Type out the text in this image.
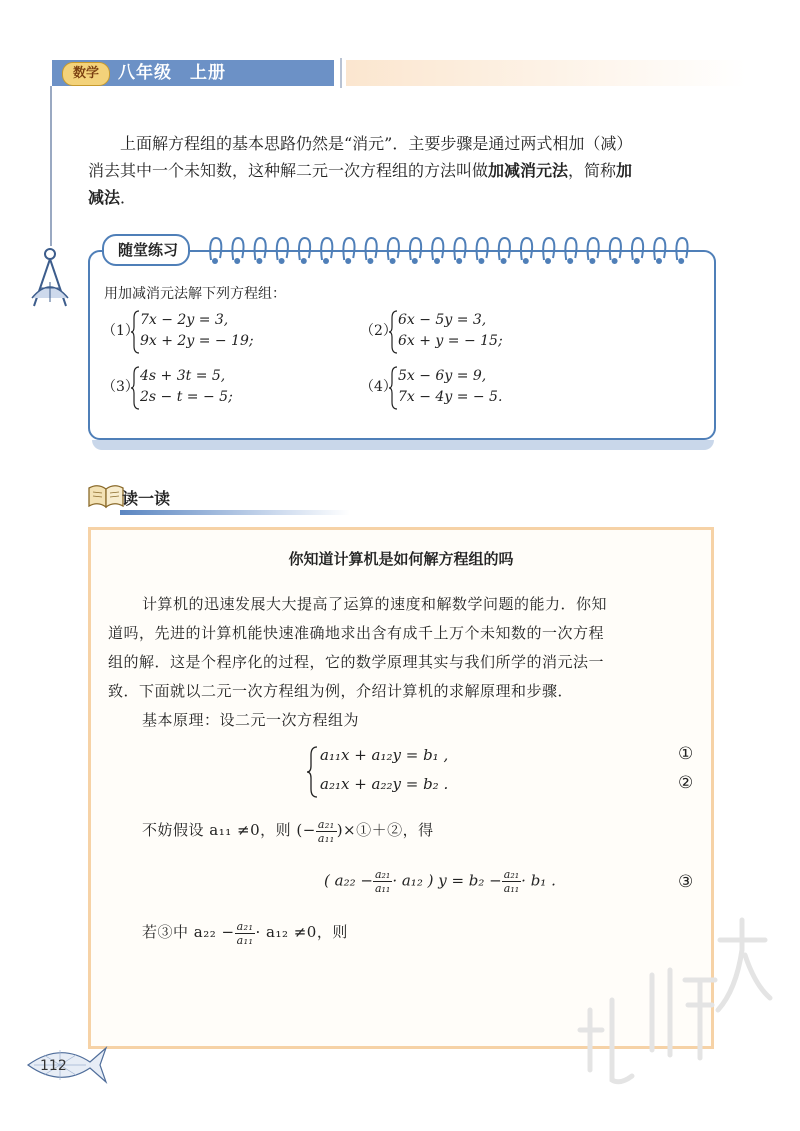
数学	八年级　上册
上面解方程组的基本思路仍然是“消元”．主要步骤是通过两式相加（减）
消去其中一个未知数，这种解二元一次方程组的方法叫做加减消元法，简称加
减法．
随堂练习
用加减消元法解下列方程组：
（1）
7x − 2y = 3,
9x + 2y = − 19;
（2）
6x − 5y = 3,
6x + y = − 15;
（3）
4s + 3t = 5,
2s − t = − 5;
（4）
5x − 6y = 9,
7x − 4y = − 5.
读一读
你知道计算机是如何解方程组的吗
计算机的迅速发展大大提高了运算的速度和解数学问题的能力．你知
道吗，先进的计算机能快速准确地求出含有成千上万个未知数的一次方程
组的解．这是个程序化的过程，它的数学原理其实与我们所学的消元法一
致．下面就以二元一次方程组为例，介绍计算机的求解原理和步骤．
基本原理：设二元一次方程组为
a₁₁x + a₁₂y = b₁ ,
a₂₁x + a₂₂y = b₂ .
①
②
不妨假设 a₁₁ ≠0，则 (− $\frac{\text{a₂₁}}{\text{a₁₁}}$ )×①＋②，得
( $a_{22} - \frac{\text{a₂₁}}{\text{a₁₁}} \cdot a_{12}$ ) $y = b_2 - \frac{\text{a₂₁}}{\text{a₁₁}} \cdot b_1$ .	③
若③中 $a_{22} - \frac{\text{a₂₁}}{\text{a₁₁}} \cdot a_{12} \ne 0$，则
112
